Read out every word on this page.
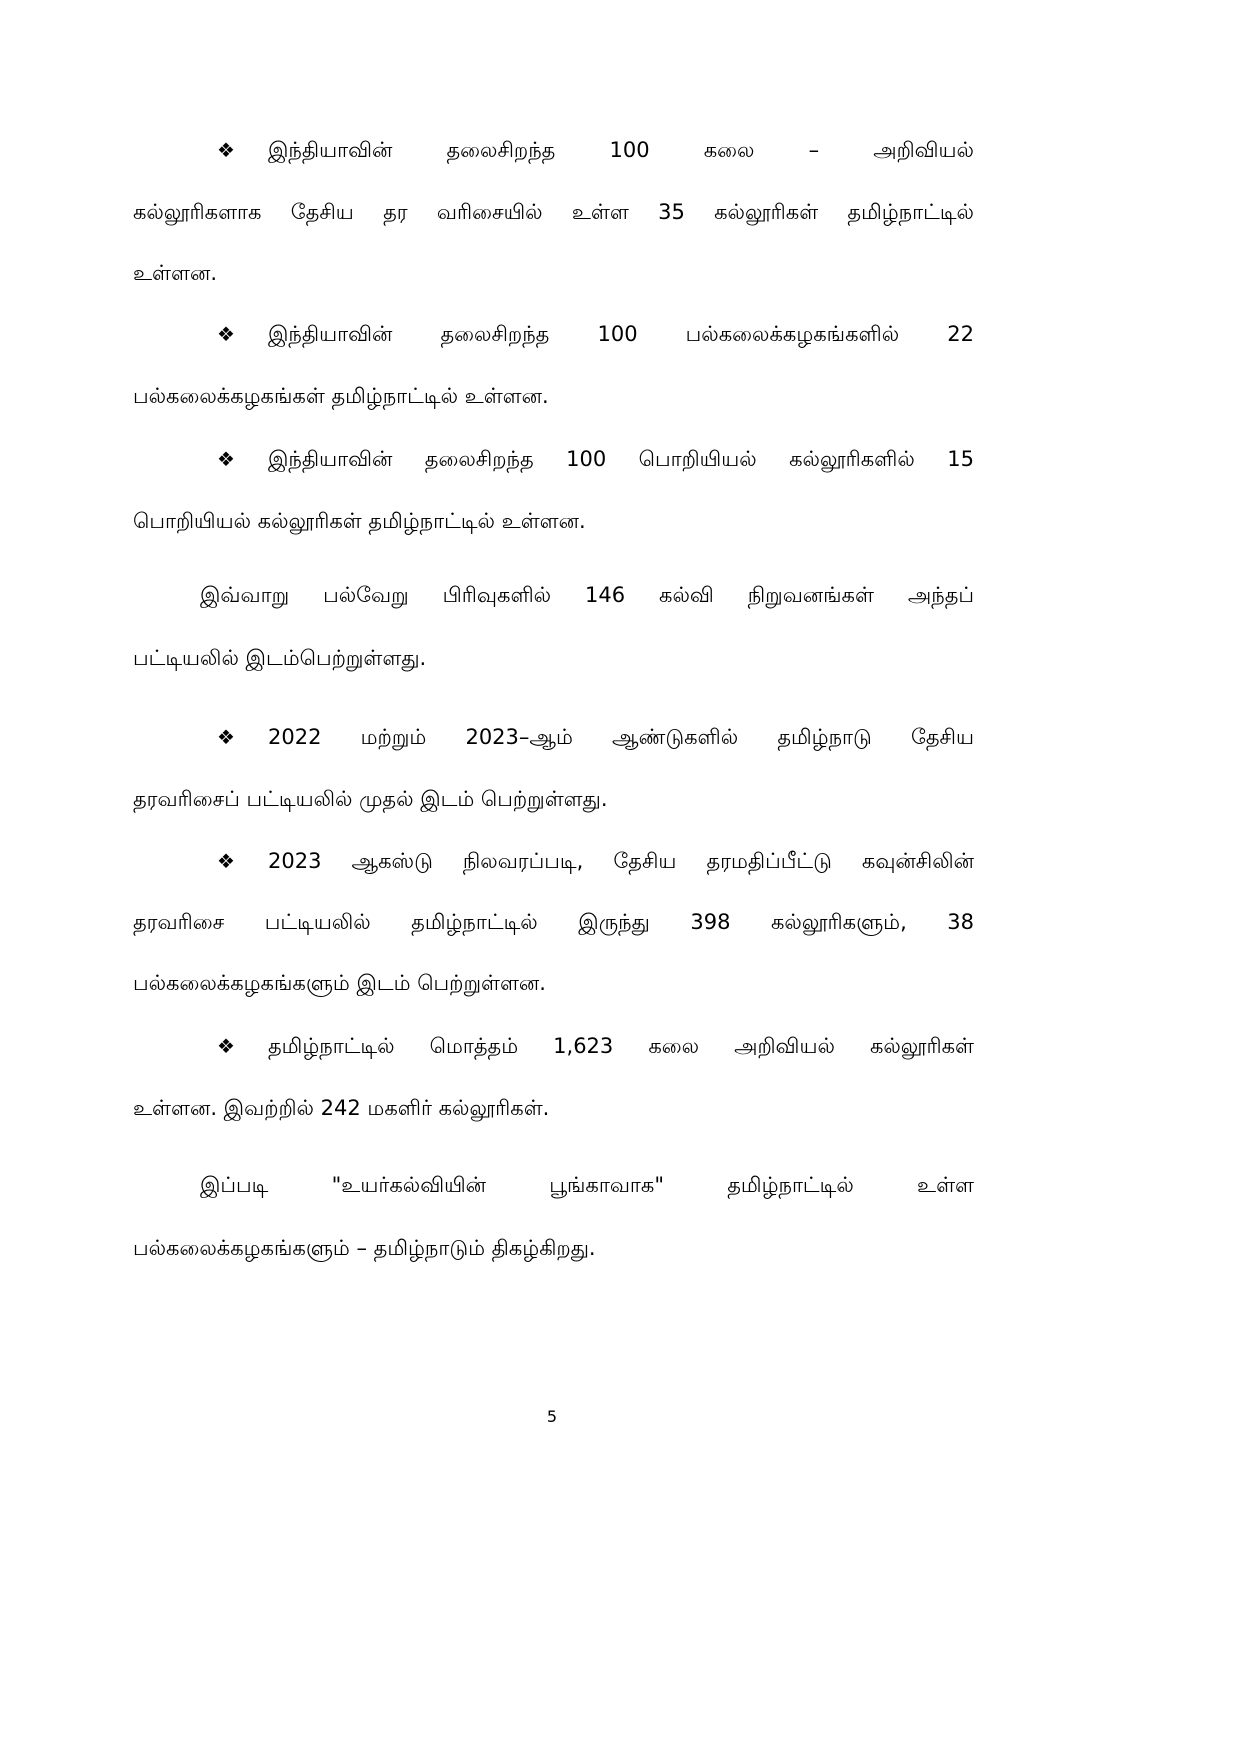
❖ இந்தியாவின் தலைசிறந்த 100 கலை – அறிவியல்
கல்லூரிகளாக தேசிய தர வரிசையில் உள்ள 35 கல்லூரிகள் தமிழ்நாட்டில்
உள்ளன.
❖ இந்தியாவின் தலைசிறந்த 100 பல்கலைக்கழகங்களில் 22
பல்கலைக்கழகங்கள் தமிழ்நாட்டில் உள்ளன.
❖ இந்தியாவின் தலைசிறந்த 100 பொறியியல் கல்லூரிகளில் 15
பொறியியல் கல்லூரிகள் தமிழ்நாட்டில் உள்ளன.
இவ்வாறு பல்வேறு பிரிவுகளில் 146 கல்வி நிறுவனங்கள் அந்தப்
பட்டியலில் இடம்பெற்றுள்ளது.
❖ 2022 மற்றும் 2023–ஆம் ஆண்டுகளில் தமிழ்நாடு தேசிய
தரவரிசைப் பட்டியலில் முதல் இடம் பெற்றுள்ளது.
❖ 2023 ஆகஸ்டு நிலவரப்படி, தேசிய தரமதிப்பீட்டு கவுன்சிலின்
தரவரிசை பட்டியலில் தமிழ்நாட்டில் இருந்து 398 கல்லூரிகளும், 38
பல்கலைக்கழகங்களும் இடம் பெற்றுள்ளன.
❖ தமிழ்நாட்டில் மொத்தம் 1,623 கலை அறிவியல் கல்லூரிகள்
உள்ளன. இவற்றில் 242 மகளிர் கல்லூரிகள்.
இப்படி "உயர்கல்வியின் பூங்காவாக" தமிழ்நாட்டில் உள்ள
பல்கலைக்கழகங்களும் – தமிழ்நாடும் திகழ்கிறது.
5
